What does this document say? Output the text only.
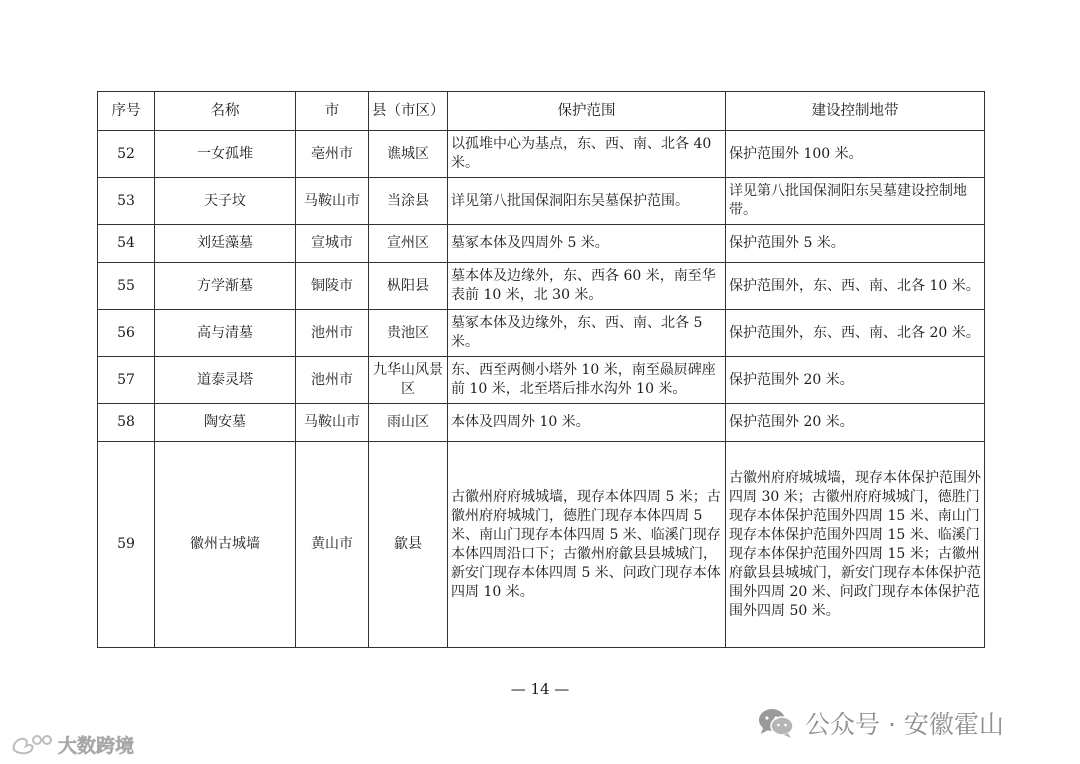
序号	名称	市	县（市区）	保护范围	建设控制地带
52	一女孤堆	亳州市	谯城区	以孤堆中心为基点，东、西、南、北各 40 米。	保护范围外 100 米。
53	天子坟	马鞍山市	当涂县	详见第八批国保洞阳东吴墓保护范围。	详见第八批国保洞阳东吴墓建设控制地带。
54	刘廷藻墓	宣城市	宣州区	墓冢本体及四周外 5 米。	保护范围外 5 米。
55	方学渐墓	铜陵市	枞阳县	墓本体及边缘外，东、西各 60 米，南至华表前 10 米，北 30 米。	保护范围外，东、西、南、北各 10 米。
56	高与清墓	池州市	贵池区	墓冢本体及边缘外，东、西、南、北各 5 米。	保护范围外，东、西、南、北各 20 米。
57	道泰灵塔	池州市	九华山风景区	东、西至两侧小塔外 10 米，南至赑屃碑座前 10 米，北至塔后排水沟外 10 米。	保护范围外 20 米。
58	陶安墓	马鞍山市	雨山区	本体及四周外 10 米。	保护范围外 20 米。
59	徽州古城墙	黄山市	歙县	古徽州府府城城墙，现存本体四周 5 米；古徽州府府城城门，德胜门现存本体四周 5 米、南山门现存本体四周 5 米、临溪门现存本体四周沿口下；古徽州府歙县县城城门，新安门现存本体四周 5 米、问政门现存本体四周 10 米。	古徽州府府城城墙，现存本体保护范围外四周 30 米；古徽州府府城城门，德胜门现存本体保护范围外四周 15 米、南山门现存本体保护范围外四周 15 米、临溪门现存本体保护范围外四周 15 米；古徽州府歙县县城城门，新安门现存本体保护范围外四周 20 米、问政门现存本体保护范围外四周 50 米。
— 14 —
公众号 · 安徽霍山
大数跨境
